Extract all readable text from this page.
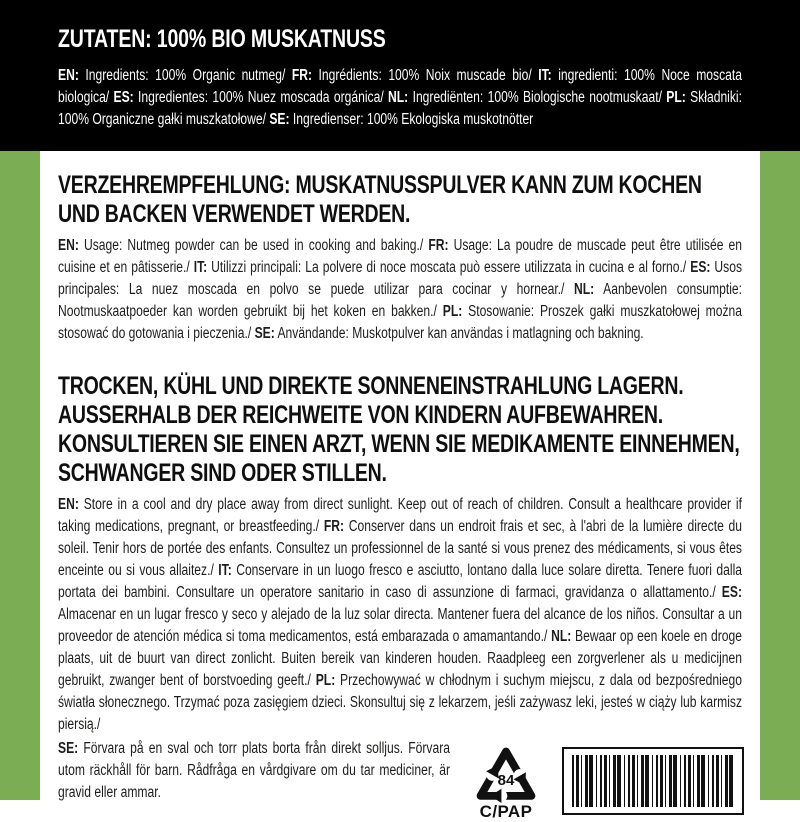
ZUTATEN: 100% BIO MUSKATNUSS

EN: Ingredients: 100% Organic nutmeg/ FR: Ingrédients: 100% Noix muscade bio/ IT: ingredienti: 100% Noce moscata biologica/ ES: Ingredientes: 100% Nuez moscada orgánica/ NL: Ingrediënten: 100% Biologische nootmuskaat/ PL: Składniki: 100% Organiczne gałki muszkatołowe/ SE: Ingredienser: 100% Ekologiska muskotnötter

VERZEHREMPFEHLUNG: MUSKATNUSSPULVER KANN ZUM KOCHEN UND BACKEN VERWENDET WERDEN.

EN: Usage: Nutmeg powder can be used in cooking and baking./ FR: Usage: La poudre de muscade peut être utilisée en cuisine et en pâtisserie./ IT: Utilizzi principali: La polvere di noce moscata può essere utilizzata in cucina e al forno./ ES: Usos principales: La nuez moscada en polvo se puede utilizar para cocinar y hornear./ NL: Aanbevolen consumptie: Nootmuskaatpoeder kan worden gebruikt bij het koken en bakken./ PL: Stosowanie: Proszek gałki muszkatołowej można stosować do gotowania i pieczenia./ SE: Användande: Muskotpulver kan användas i matlagning och bakning.

TROCKEN, KÜHL UND DIREKTE SONNENEINSTRAHLUNG LAGERN. AUSSERHALB DER REICHWEITE VON KINDERN AUFBEWAHREN. KONSULTIEREN SIE EINEN ARZT, WENN SIE MEDIKAMENTE EINNEHMEN, SCHWANGER SIND ODER STILLEN.

EN: Store in a cool and dry place away from direct sunlight. Keep out of reach of children. Consult a healthcare provider if taking medications, pregnant, or breastfeeding./ FR: Conserver dans un endroit frais et sec, à l'abri de la lumière directe du soleil. Tenir hors de portée des enfants. Consultez un professionnel de la santé si vous prenez des médicaments, si vous êtes enceinte ou si vous allaitez./ IT: Conservare in un luogo fresco e asciutto, lontano dalla luce solare diretta. Tenere fuori dalla portata dei bambini. Consultare un operatore sanitario in caso di assunzione di farmaci, gravidanza o allattamento./ ES: Almacenar en un lugar fresco y seco y alejado de la luz solar directa. Mantener fuera del alcance de los niños. Consultar a un proveedor de atención médica si toma medicamentos, está embarazada o amamantando./ NL: Bewaar op een koele en droge plaats, uit de buurt van direct zonlicht. Buiten bereik van kinderen houden. Raadpleeg een zorgverlener als u medicijnen gebruikt, zwanger bent of borstvoeding geeft./ PL: Przechowywać w chłodnym i suchym miejscu, z dala od bezpośredniego światła słonecznego. Trzymać poza zasięgiem dzieci. Skonsultuj się z lekarzem, jeśli zażywasz leki, jesteś w ciąży lub karmisz piersią./

SE: Förvara på en sval och torr plats borta från direkt solljus. Förvara utom räckhåll för barn. Rådfråga en vårdgivare om du tar mediciner, är gravid eller ammar.

84
C/PAP
